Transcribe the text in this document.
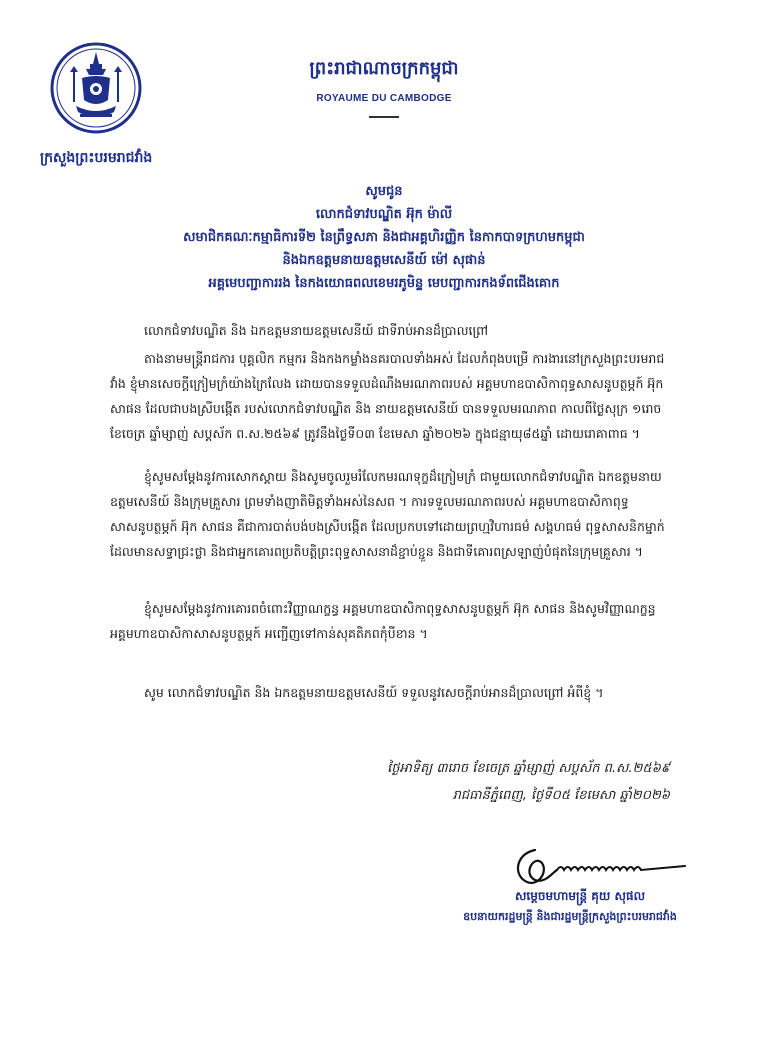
ក្រសួងព្រះបរមរាជវាំង
ព្រះរាជាណាចក្រកម្ពុជា
ROYAUME DU CAMBODGE
សូមជូន
លោកជំទាវបណ្ឌិត អ៊ុក ម៉ាលី
សមាជិកគណៈកម្មាធិការទី២ នៃព្រឹទ្ធសភា និងជាអគ្គហិរញ្ញិក នៃកាកបាទក្រហមកម្ពុជា
និងឯកឧត្តមនាយឧត្តមសេនីយ៍ ម៉ៅ សុផាន់
អគ្គមេបញ្ជាការរង នៃកងយោធពលខេមរភូមិន្ទ មេបញ្ជាការកងទ័ពជើងគោក
លោកជំទាវបណ្ឌិត និង ឯកឧត្តមនាយឧត្តមសេនីយ៍ ជាទីរាប់អានដ៏ប្រាលព្រៅ
តាងនាមមន្ត្រីរាជការ បុគ្គលិក កម្មករ និងកងកម្លាំងនគរបាលទាំងអស់ ដែលកំពុងបម្រើ ការងារនៅក្រសួងព្រះបរមរាជវាំង ខ្ញុំមានសេចក្តីក្រៀមក្រំយ៉ាងក្រៃលែង ដោយបានទទួលដំណឹងមរណភាពរបស់ អគ្គមហាឧបាសិកាពុទ្ធសាសនូបត្ថម្ភក៍ អ៊ុក សាផន ដែលជាបងស្រីបង្កើត របស់លោកជំទាវបណ្ឌិត និង នាយឧត្តមសេនីយ៍ បានទទួលមរណភាព កាលពីថ្ងៃសុក្រ ១រោច ខែចេត្រ ឆ្នាំម្សាញ់ សប្តស័ក ព.ស.២៥៦៩ ត្រូវនឹងថ្ងៃទី០៣ ខែមេសា ឆ្នាំ២០២៦ ក្នុងជន្មាយុ៨៥ឆ្នាំ ដោយរោគាពាធ ។
ខ្ញុំសូមសម្តែងនូវការសោកស្តាយ និងសូមចូលរួមរំលែកមរណទុក្ខដ៏ក្រៀមក្រំ ជាមួយលោកជំទាវបណ្ឌិត ឯកឧត្តមនាយឧត្តមសេនីយ៍ និងក្រុមគ្រួសារ ព្រមទាំងញាតិមិត្តទាំងអស់នៃសព ។ ការទទួលមរណភាពរបស់ អគ្គមហាឧបាសិកាពុទ្ធសាសនូបត្ថម្ភក៍ អ៊ុក សាផន គឺជាការបាត់បង់បងស្រីបង្កើត ដែលប្រកបទៅដោយព្រហ្មវិហារធម៌ សង្គហធម៌ ពុទ្ធសាសនិកម្នាក់ដែលមានសទ្ធាជ្រះថ្លា និងជាអ្នកគោរពប្រតិបត្តិព្រះពុទ្ធសាសនាដ៏ខ្ជាប់ខ្ជួន និងជាទីគោរពស្រឡាញ់បំផុតនៃក្រុមគ្រួសារ ។
ខ្ញុំសូមសម្តែងនូវការគោរពចំពោះវិញ្ញាណក្ខន្ធ អគ្គមហាឧបាសិកាពុទ្ធសាសនូបត្ថម្ភក៍ អ៊ុក សាផន និងសូមវិញ្ញាណក្ខន្ធ អគ្គមហាឧបាសិកាសាសនូបត្ថម្ភក៍ អញ្ជើញទៅកាន់សុគតិភពកុំបីខាន ។
សូម លោកជំទាវបណ្ឌិត និង ឯកឧត្តមនាយឧត្តមសេនីយ៍ ទទួលនូវសេចក្តីរាប់អានដ៏ប្រាលព្រៅ អំពីខ្ញុំ ។
ថ្ងៃអាទិត្យ ៣រោច ខែចេត្រ ឆ្នាំម្សាញ់ សប្តស័ក ព.ស.២៥៦៩
រាជធានីភ្នំពេញ, ថ្ងៃទី០៥ ខែមេសា ឆ្នាំ២០២៦
សម្តេចមហាមន្ត្រី គុយ សុផល
ឧបនាយករដ្ឋមន្ត្រី និងជារដ្ឋមន្ត្រីក្រសួងព្រះបរមរាជវាំង
